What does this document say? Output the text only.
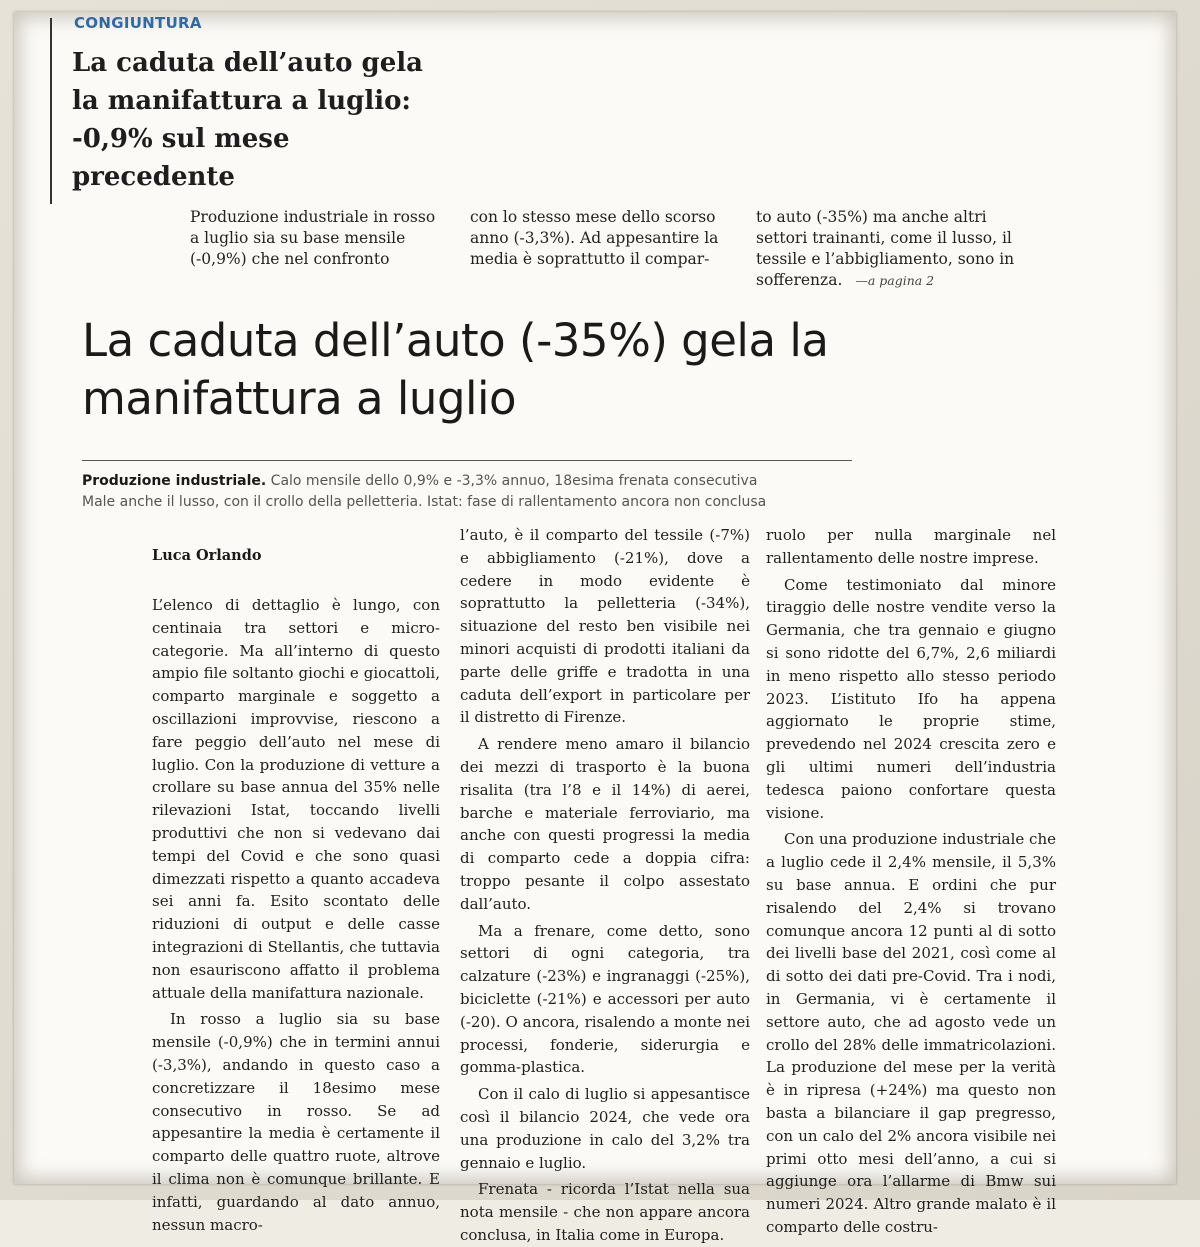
CONGIUNTURA
La caduta dell’auto gela la manifattura a luglio: -0,9% sul mese precedente
Produzione industriale in rosso a luglio sia su base mensile (-0,9%) che nel confronto
con lo stesso mese dello scorso anno (-3,3%). Ad appesantire la media è soprattutto il compar-
to auto (-35%) ma anche altri settori trainanti, come il lusso, il tessile e l’abbigliamento, sono in sofferenza. —a pagina 2
La caduta dell’auto (-35%) gela la manifattura a luglio
Produzione industriale. Calo mensile dello 0,9% e -3,3% annuo, 18esima frenata consecutiva
Male anche il lusso, con il crollo della pelletteria. Istat: fase di rallentamento ancora non conclusa
Luca Orlando

L’elenco di dettaglio è lungo, con centinaia tra settori e micro-categorie. Ma all’interno di questo ampio file soltanto giochi e giocattoli, comparto marginale e soggetto a oscillazioni improvvise, riescono a fare peggio dell’auto nel mese di luglio. Con la produzione di vetture a crollare su base annua del 35% nelle rilevazioni Istat, toccando livelli produttivi che non si vedevano dai tempi del Covid e che sono quasi dimezzati rispetto a quanto accadeva sei anni fa. Esito scontato delle riduzioni di output e delle casse integrazioni di Stellantis, che tuttavia non esauriscono affatto il problema attuale della manifattura nazionale.

In rosso a luglio sia su base mensile (-0,9%) che in termini annui (-3,3%), andando in questo caso a concretizzare il 18esimo mese consecutivo in rosso. Se ad appesantire la media è certamente il comparto delle quattro ruote, altrove il clima non è comunque brillante. E infatti, guardando al dato annuo, nessun macro-

l’auto, è il comparto del tessile (-7%) e abbigliamento (-21%), dove a cedere in modo evidente è soprattutto la pelletteria (-34%), situazione del resto ben visibile nei minori acquisti di prodotti italiani da parte delle griffe e tradotta in una caduta dell’export in particolare per il distretto di Firenze.

A rendere meno amaro il bilancio dei mezzi di trasporto è la buona risalita (tra l’8 e il 14%) di aerei, barche e materiale ferroviario, ma anche con questi progressi la media di comparto cede a doppia cifra: troppo pesante il colpo assestato dall’auto.

Ma a frenare, come detto, sono settori di ogni categoria, tra calzature (-23%) e ingranaggi (-25%), biciclette (-21%) e accessori per auto (-20). O ancora, risalendo a monte nei processi, fonderie, siderurgia e gomma-plastica.

Con il calo di luglio si appesantisce così il bilancio 2024, che vede ora una produzione in calo del 3,2% tra gennaio e luglio.

Frenata - ricorda l’Istat nella sua nota mensile - che non appare ancora conclusa, in Italia come in Europa.

ruolo per nulla marginale nel rallentamento delle nostre imprese.

Come testimoniato dal minore tiraggio delle nostre vendite verso la Germania, che tra gennaio e giugno si sono ridotte del 6,7%, 2,6 miliardi in meno rispetto allo stesso periodo 2023. L’istituto Ifo ha appena aggiornato le proprie stime, prevedendo nel 2024 crescita zero e gli ultimi numeri dell’industria tedesca paiono confortare questa visione.

Con una produzione industriale che a luglio cede il 2,4% mensile, il 5,3% su base annua. E ordini che pur risalendo del 2,4% si trovano comunque ancora 12 punti al di sotto dei livelli base del 2021, così come al di sotto dei dati pre-Covid. Tra i nodi, in Germania, vi è certamente il settore auto, che ad agosto vede un crollo del 28% delle immatricolazioni. La produzione del mese per la verità è in ripresa (+24%) ma questo non basta a bilanciare il gap pregresso, con un calo del 2% ancora visibile nei primi otto mesi dell’anno, a cui si aggiunge ora l’allarme di Bmw sui numeri 2024. Altro grande malato è il comparto delle costru-
